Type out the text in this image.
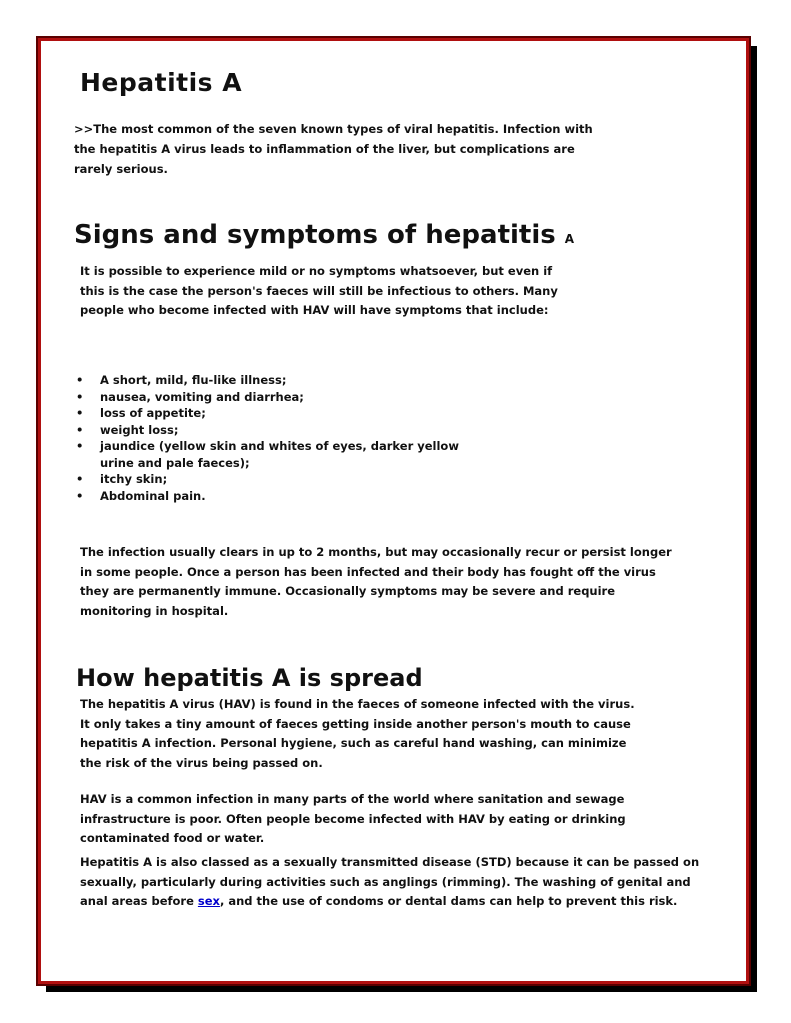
Hepatitis A

>>The most common of the seven known types of viral hepatitis. Infection with the hepatitis A virus leads to inflammation of the liver, but complications are rarely serious.

Signs and symptoms of hepatitis A

It is possible to experience mild or no symptoms whatsoever, but even if this is the case the person's faeces will still be infectious to others. Many people who become infected with HAV will have symptoms that include:

• A short, mild, flu-like illness;
• nausea, vomiting and diarrhea;
• loss of appetite;
• weight loss;
• jaundice (yellow skin and whites of eyes, darker yellow urine and pale faeces);
• itchy skin;
• Abdominal pain.

The infection usually clears in up to 2 months, but may occasionally recur or persist longer in some people. Once a person has been infected and their body has fought off the virus they are permanently immune. Occasionally symptoms may be severe and require monitoring in hospital.

How hepatitis A is spread

The hepatitis A virus (HAV) is found in the faeces of someone infected with the virus. It only takes a tiny amount of faeces getting inside another person's mouth to cause hepatitis A infection. Personal hygiene, such as careful hand washing, can minimize the risk of the virus being passed on.

HAV is a common infection in many parts of the world where sanitation and sewage infrastructure is poor. Often people become infected with HAV by eating or drinking contaminated food or water.

Hepatitis A is also classed as a sexually transmitted disease (STD) because it can be passed on sexually, particularly during activities such as anglings (rimming). The washing of genital and anal areas before sex, and the use of condoms or dental dams can help to prevent this risk.
